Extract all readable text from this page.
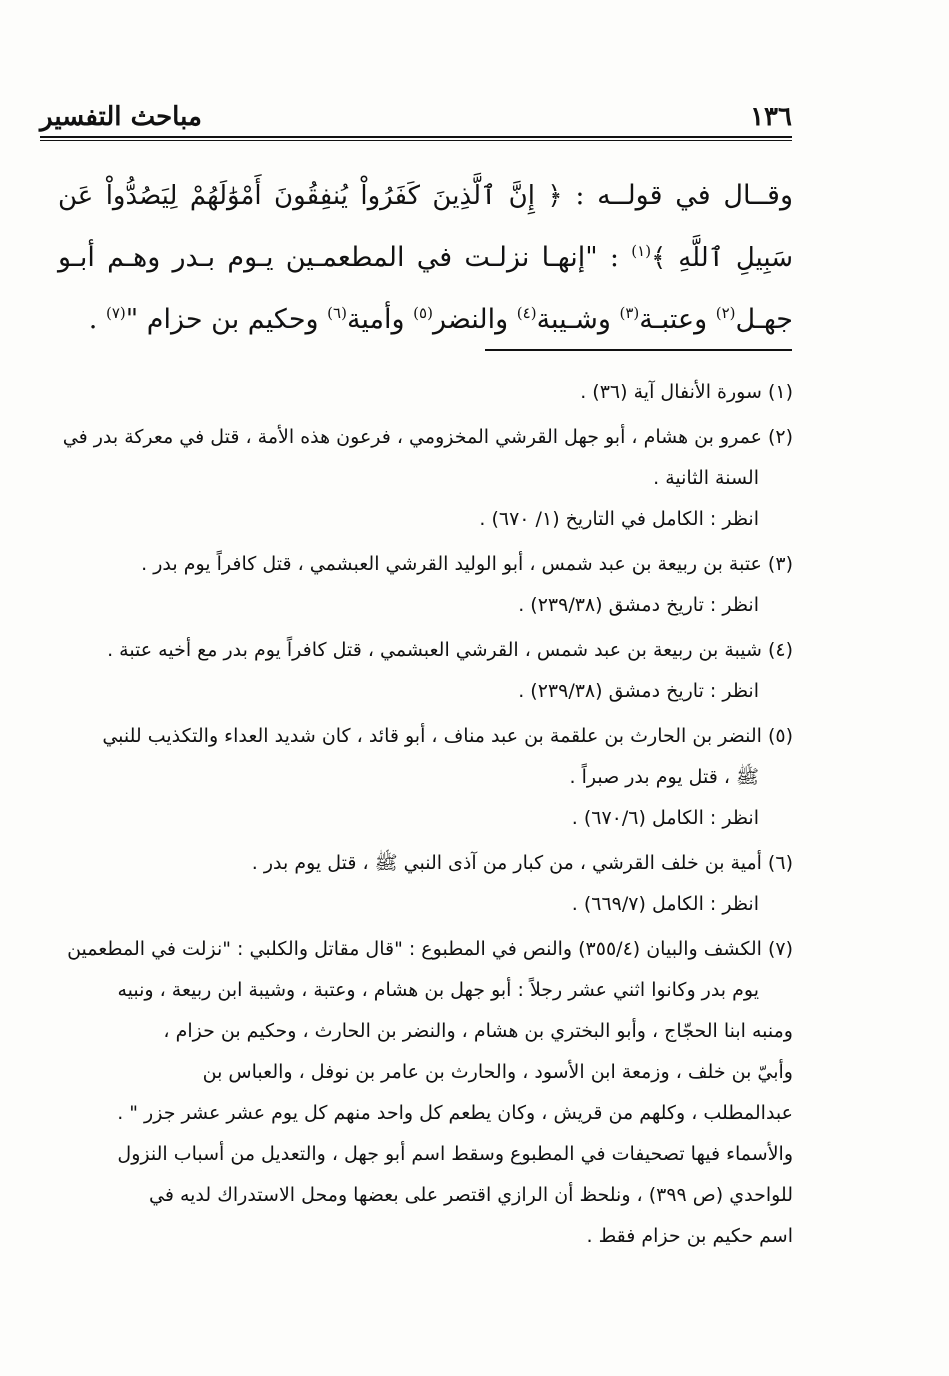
١٣٦
مباحث التفسير

وقــال في قولــه : ﴿ إِنَّ ٱلَّذِينَ كَفَرُواْ يُنفِقُونَ أَمْوَٰلَهُمْ لِيَصُدُّواْ عَن سَبِيلِ ٱللَّهِ ﴾$^{(١)}$ : "إنهـا نزلـت في المطعمـين يـوم بـدر وهـم أبـو جهـل$^{(٢)}$ وعتبـة$^{(٣)}$ وشـيبة$^{(٤)}$ والنضر$^{(٥)}$ وأمية$^{(٦)}$ وحكيم بن حزام "$^{(٧)}$ .

(١) سورة الأنفال آية (٣٦) .
(٢) عمرو بن هشام ، أبو جهل القرشي المخزومي ، فرعون هذه الأمة ، قتل في معركة بدر في
السنة الثانية .
انظر : الكامل في التاريخ (١/ ٦٧٠) .
(٣) عتبة بن ربيعة بن عبد شمس ، أبو الوليد القرشي العبشمي ، قتل كافراً يوم بدر .
انظر : تاريخ دمشق (٢٣٩/٣٨) .
(٤) شيبة بن ربيعة بن عبد شمس ، القرشي العبشمي ، قتل كافراً يوم بدر مع أخيه عتبة .
انظر : تاريخ دمشق (٢٣٩/٣٨) .
(٥) النضر بن الحارث بن علقمة بن عبد مناف ، أبو قائد ، كان شديد العداء والتكذيب للنبي
ﷺ ، قتل يوم بدر صبراً .
انظر : الكامل (٦٧٠/٦) .
(٦) أمية بن خلف القرشي ، من كبار من آذى النبي ﷺ ، قتل يوم بدر .
انظر : الكامل (٦٦٩/٧) .
(٧) الكشف والبيان (٣٥٥/٤) والنص في المطبوع : "قال مقاتل والكلبي : "نزلت في المطعمين
يوم بدر وكانوا اثني عشر رجلاً : أبو جهل بن هشام ، وعتبة ، وشيبة ابن ربيعة ، ونبيه
ومنبه ابنا الحجّاج ، وأبو البختري بن هشام ، والنضر بن الحارث ، وحكيم بن حزام ،
وأبيّ بن خلف ، وزمعة ابن الأسود ، والحارث بن عامر بن نوفل ، والعباس بن
عبدالمطلب ، وكلهم من قريش ، وكان يطعم كل واحد منهم كل يوم عشر عشر جزر " .
والأسماء فيها تصحيفات في المطبوع وسقط اسم أبو جهل ، والتعديل من أسباب النزول
للواحدي (ص ٣٩٩) ، ونلحظ أن الرازي اقتصر على بعضها ومحل الاستدراك لديه في
اسم حكيم بن حزام فقط .
